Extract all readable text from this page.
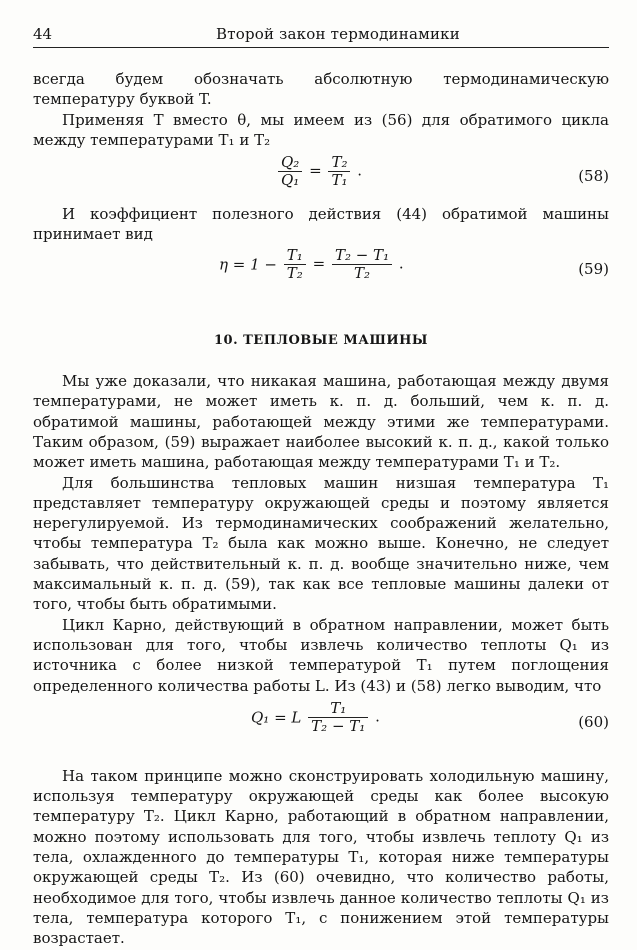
44	Второй закон термодинамики

всегда будем обозначать абсолютную термодинамическую температуру буквой T.

Применяя T вместо θ, мы имеем из (56) для обратимого цикла между температурами T₁ и T₂

$\frac{\text{Q₂}}{\text{Q₁}} = \frac{\text{T₂}}{\text{T₁}}$ .	(58)

И коэффициент полезного действия (44) обратимой машины принимает вид

$\eta = 1 - \frac{\text{T₁}}{\text{T₂}} = \frac{\text{T₂ − T₁}}{\text{T₂}}$ .	(59)
10. ТЕПЛОВЫЕ МАШИНЫ

Мы уже доказали, что никакая машина, работающая между двумя температурами, не может иметь к. п. д. больший, чем к. п. д. обратимой машины, работающей между этими же температурами. Таким образом, (59) выражает наиболее высокий к. п. д., какой только может иметь машина, работающая между температурами T₁ и T₂.

Для большинства тепловых машин низшая температура T₁ представляет температуру окружающей среды и поэтому является нерегулируемой. Из термодинамических соображений желательно, чтобы температура T₂ была как можно выше. Конечно, не следует забывать, что действительный к. п. д. вообще значительно ниже, чем максимальный к. п. д. (59), так как все тепловые машины далеки от того, чтобы быть обратимыми.

Цикл Карно, действующий в обратном направлении, может быть использован для того, чтобы извлечь количество теплоты Q₁ из источника с более низкой температурой T₁ путем поглощения определенного количества работы L. Из (43) и (58) легко выводим, что

Q₁ = L $\frac{\text{T₁}}{\text{T₂ − T₁}}$ .	(60)

На таком принципе можно сконструировать холодильную машину, используя температуру окружающей среды как более высокую температуру T₂. Цикл Карно, работающий в обратном направлении, можно поэтому использовать для того, чтобы извлечь теплоту Q₁ из тела, охлажденного до температуры T₁, которая ниже температуры окружающей среды T₂. Из (60) очевидно, что количество работы, необходимое для того, чтобы извлечь данное количество теплоты Q₁ из тела, температура которого T₁, с понижением этой температуры возрастает.
